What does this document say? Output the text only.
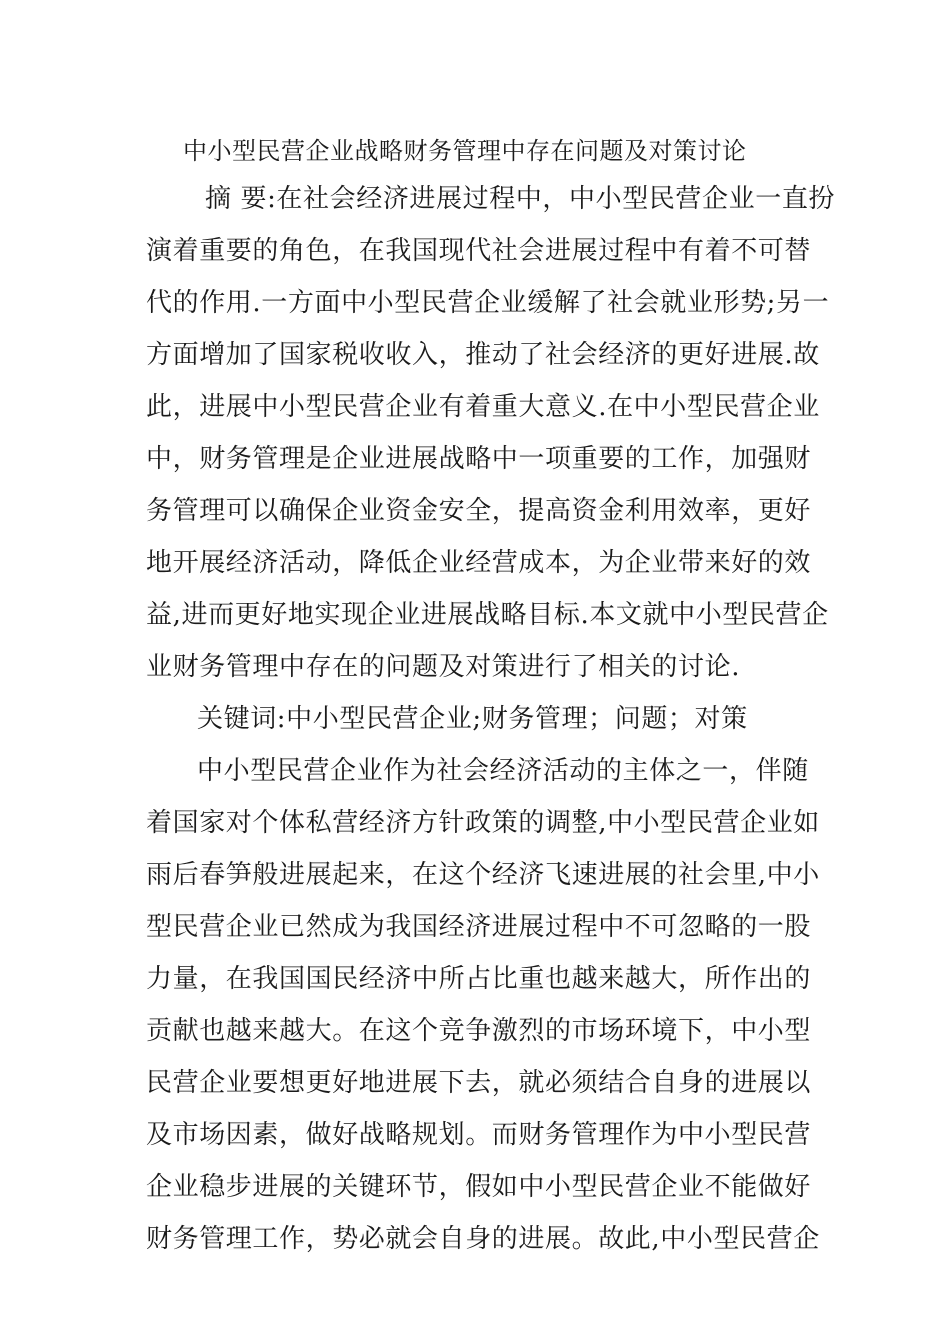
中小型民营企业战略财务管理中存在问题及对策讨论
摘 要:在社会经济进展过程中，中小型民营企业一直扮
演着重要的角色，在我国现代社会进展过程中有着不可替
代的作用.一方面中小型民营企业缓解了社会就业形势;另一
方面增加了国家税收收入，推动了社会经济的更好进展.故
此，进展中小型民营企业有着重大意义.在中小型民营企业
中，财务管理是企业进展战略中一项重要的工作，加强财
务管理可以确保企业资金安全，提高资金利用效率，更好
地开展经济活动，降低企业经营成本，为企业带来好的效
益,进而更好地实现企业进展战略目标.本文就中小型民营企
业财务管理中存在的问题及对策进行了相关的讨论.
关键词:中小型民营企业;财务管理；问题；对策
中小型民营企业作为社会经济活动的主体之一，伴随
着国家对个体私营经济方针政策的调整,中小型民营企业如
雨后春笋般进展起来，在这个经济飞速进展的社会里,中小
型民营企业已然成为我国经济进展过程中不可忽略的一股
力量，在我国国民经济中所占比重也越来越大，所作出的
贡献也越来越大。在这个竞争激烈的市场环境下，中小型
民营企业要想更好地进展下去，就必须结合自身的进展以
及市场因素，做好战略规划。而财务管理作为中小型民营
企业稳步进展的关键环节，假如中小型民营企业不能做好
财务管理工作，势必就会自身的进展。故此,中小型民营企
